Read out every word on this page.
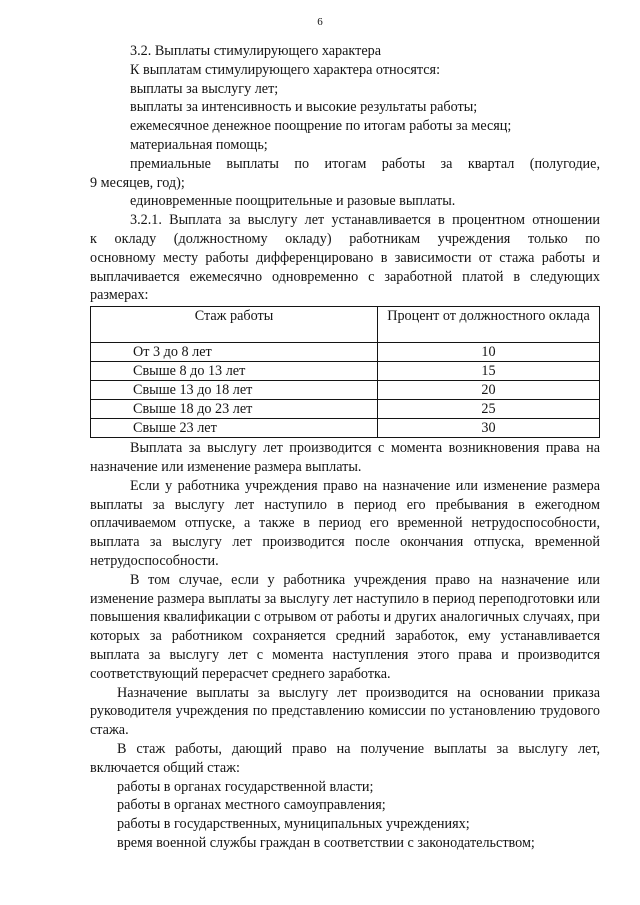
6
3.2. Выплаты стимулирующего характера
К выплатам стимулирующего характера относятся:
выплаты за выслугу лет;
выплаты за интенсивность и высокие результаты работы;
ежемесячное денежное поощрение по итогам работы за месяц;
материальная помощь;
премиальные выплаты по итогам работы за квартал (полугодие,
9 месяцев, год);
единовременные поощрительные и разовые выплаты.
3.2.1. Выплата за выслугу лет устанавливается в процентном отношении
к окладу (должностному окладу) работникам учреждения только по
основному месту работы дифференцировано в зависимости от стажа работы и
выплачивается ежемесячно одновременно с заработной платой в следующих
размерах:
Стаж работы	Процент от должностного оклада
От 3 до 8 лет	10
Свыше 8 до 13 лет	15
Свыше 13 до 18 лет	20
Свыше 18 до 23 лет	25
Свыше 23 лет	30
Выплата за выслугу лет производится с момента возникновения права на назначение или изменение размера выплаты.
Если у работника учреждения право на назначение или изменение размера выплаты за выслугу лет наступило в период его пребывания в ежегодном оплачиваемом отпуске, а также в период его временной нетрудоспособности, выплата за выслугу лет производится после окончания отпуска, временной нетрудоспособности.
В том случае, если у работника учреждения право на назначение или изменение размера выплаты за выслугу лет наступило в период переподготовки или повышения квалификации с отрывом от работы и других аналогичных случаях, при которых за работником сохраняется средний заработок, ему устанавливается выплата за выслугу лет с момента наступления этого права и производится соответствующий перерасчет среднего заработка.
Назначение выплаты за выслугу лет производится на основании приказа руководителя учреждения по представлению комиссии по установлению трудового стажа.
В стаж работы, дающий право на получение выплаты за выслугу лет, включается общий стаж:
работы в органах государственной власти;
работы в органах местного самоуправления;
работы в государственных, муниципальных учреждениях;
время военной службы граждан в соответствии с законодательством;
